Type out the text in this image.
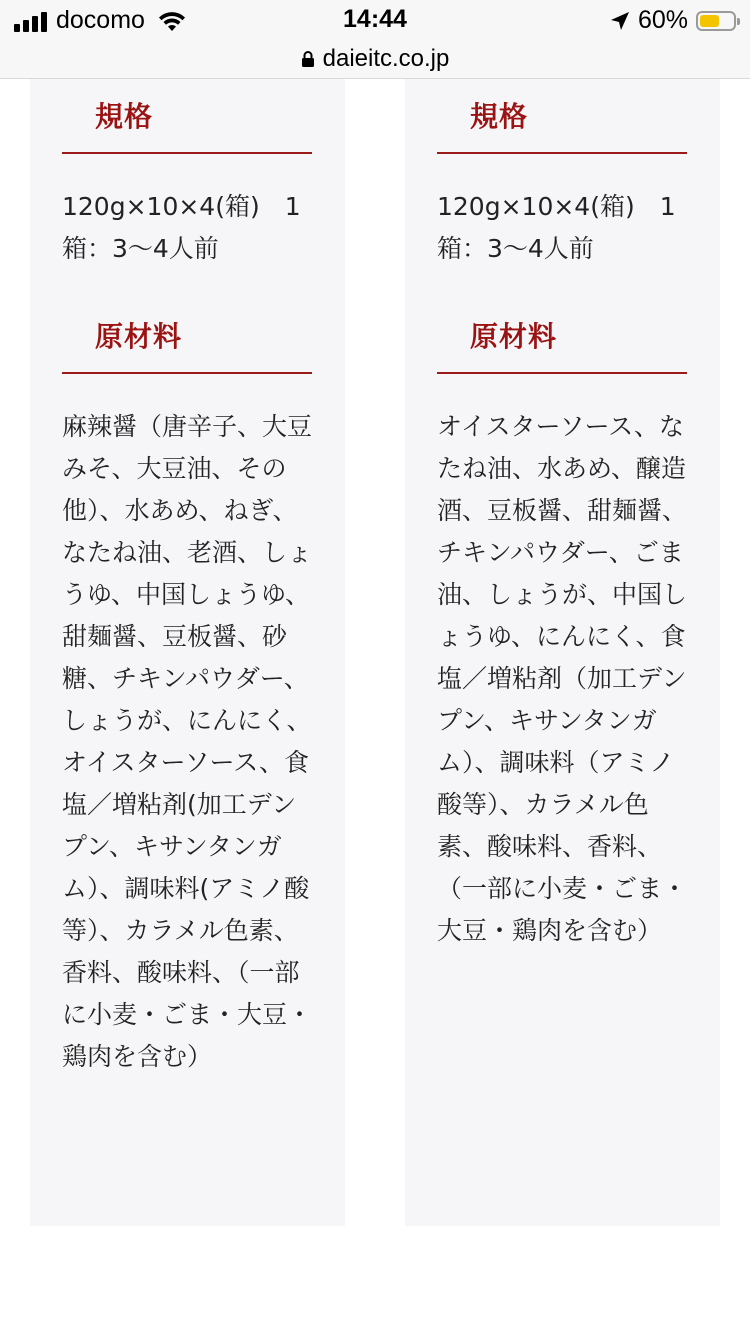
docomo	14:44	60%
daieitc.co.jp
規格
120g×10×4(箱)　1箱：3〜4人前
原材料
麻辣醤（唐辛子、大豆みそ、大豆油、その他）、水あめ、ねぎ、なたね油、老酒、しょうゆ、中国しょうゆ、甜麺醤、豆板醤、砂糖、チキンパウダー、しょうが、にんにく、オイスターソース、食塩／増粘剤(加工デンプン、キサンタンガム）、調味料(アミノ酸等）、カラメル色素、香料、酸味料、（一部に小麦・ごま・大豆・鶏肉を含む）
規格
120g×10×4(箱)　1箱：3〜4人前
原材料
オイスターソース、なたね油、水あめ、醸造酒、豆板醤、甜麺醤、チキンパウダー、ごま油、しょうが、中国しょうゆ、にんにく、食塩／増粘剤（加工デンプン、キサンタンガム）、調味料（アミノ酸等）、カラメル色素、酸味料、香料、（一部に小麦・ごま・大豆・鶏肉を含む）
